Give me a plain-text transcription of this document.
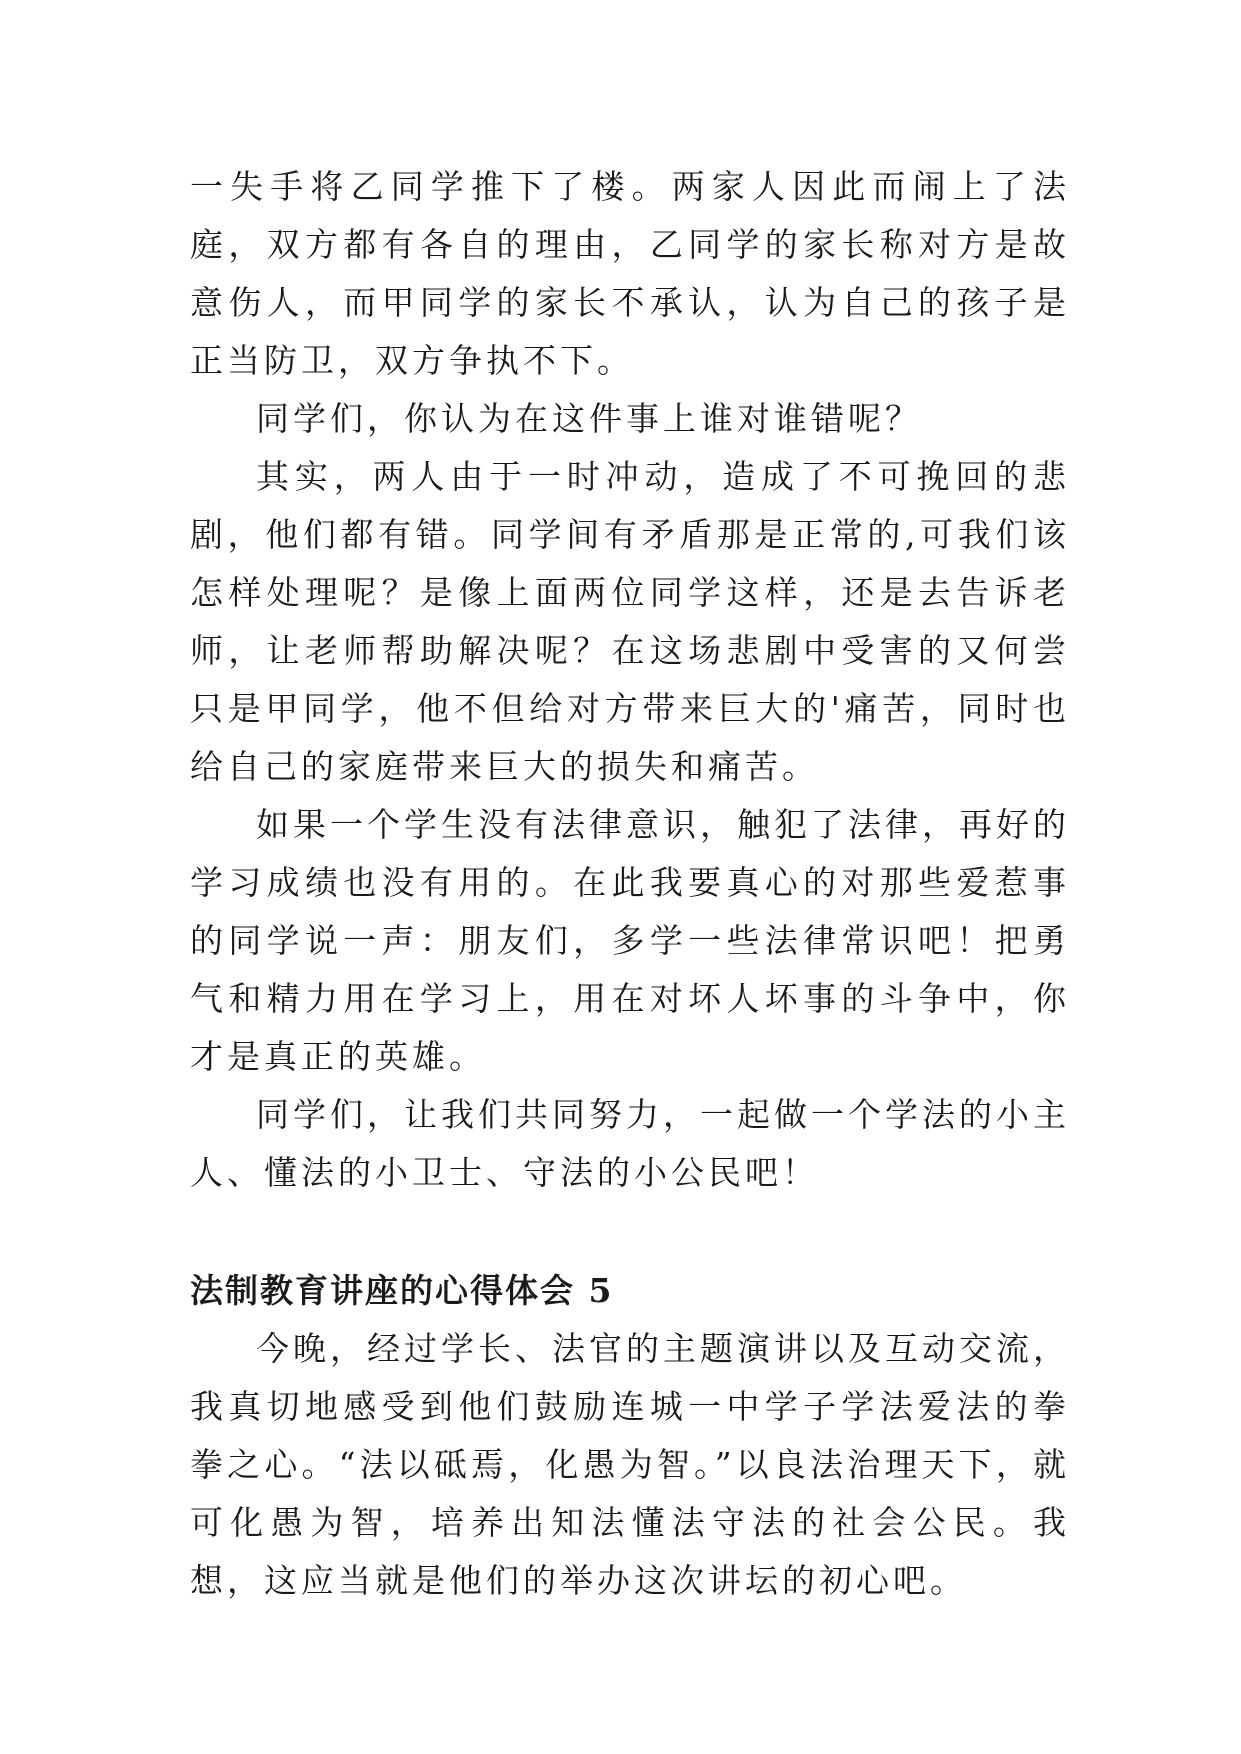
一失手将乙同学推下了楼。两家人因此而闹上了法庭，双方都有各自的理由，乙同学的家长称对方是故意伤人，而甲同学的家长不承认，认为自己的孩子是正当防卫，双方争执不下。

同学们，你认为在这件事上谁对谁错呢？

其实，两人由于一时冲动，造成了不可挽回的悲剧，他们都有错。同学间有矛盾那是正常的,可我们该怎样处理呢？是像上面两位同学这样，还是去告诉老师，让老师帮助解决呢？在这场悲剧中受害的又何尝只是甲同学，他不但给对方带来巨大的'痛苦，同时也给自己的家庭带来巨大的损失和痛苦。

如果一个学生没有法律意识，触犯了法律，再好的学习成绩也没有用的。在此我要真心的对那些爱惹事的同学说一声：朋友们，多学一些法律常识吧！把勇气和精力用在学习上，用在对坏人坏事的斗争中，你才是真正的英雄。

同学们，让我们共同努力，一起做一个学法的小主人、懂法的小卫士、守法的小公民吧！

法制教育讲座的心得体会 5

今晚，经过学长、法官的主题演讲以及互动交流，我真切地感受到他们鼓励连城一中学子学法爱法的拳拳之心。“法以砥焉，化愚为智。”以良法治理天下，就可化愚为智，培养出知法懂法守法的社会公民。我想，这应当就是他们的举办这次讲坛的初心吧。
